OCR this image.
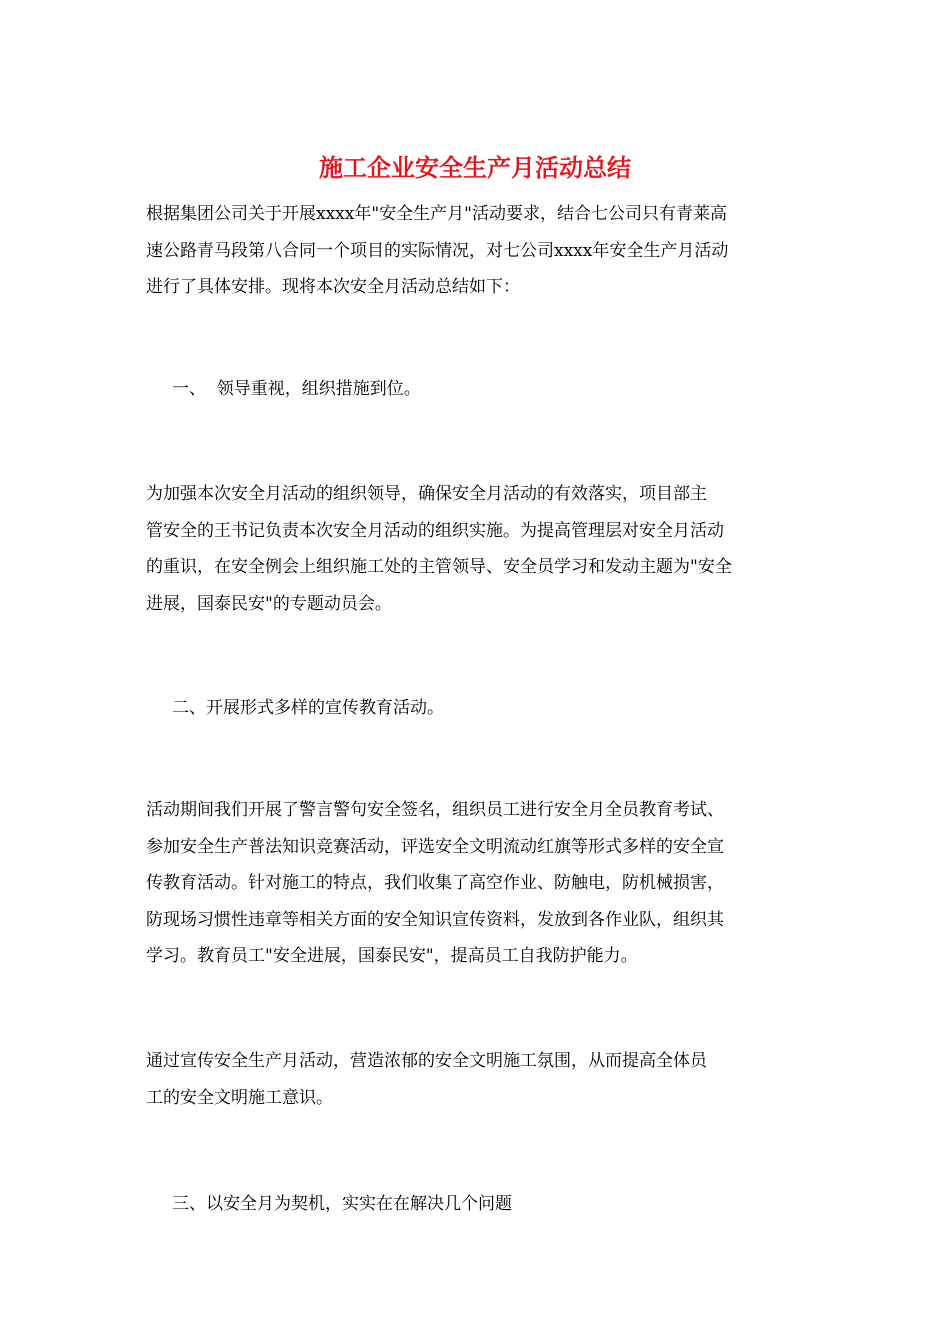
施工企业安全生产月活动总结

根据集团公司关于开展xxxx年"安全生产月"活动要求，结合七公司只有青莱高
速公路青马段第八合同一个项目的实际情况，对七公司xxxx年安全生产月活动
进行了具体安排。现将本次安全月活动总结如下：

一、  领导重视，组织措施到位。

为加强本次安全月活动的组织领导，确保安全月活动的有效落实，项目部主
管安全的王书记负责本次安全月活动的组织实施。为提高管理层对安全月活动
的重识，在安全例会上组织施工处的主管领导、安全员学习和发动主题为"安全
进展，国泰民安"的专题动员会。

二、开展形式多样的宣传教育活动。

活动期间我们开展了警言警句安全签名，组织员工进行安全月全员教育考试、
参加安全生产普法知识竞赛活动，评选安全文明流动红旗等形式多样的安全宣
传教育活动。针对施工的特点，我们收集了高空作业、防触电，防机械损害，
防现场习惯性违章等相关方面的安全知识宣传资料，发放到各作业队，组织其
学习。教育员工"安全进展，国泰民安"，提高员工自我防护能力。

通过宣传安全生产月活动，营造浓郁的安全文明施工氛围，从而提高全体员
工的安全文明施工意识。

三、以安全月为契机，实实在在解决几个问题
